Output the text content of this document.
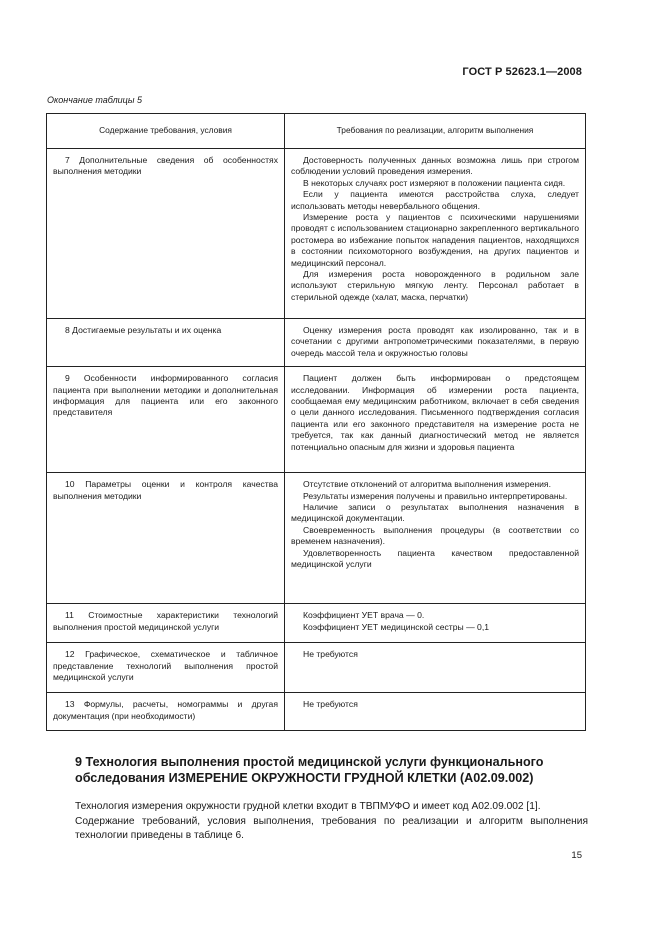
ГОСТ Р 52623.1—2008
Окончание таблицы 5
Содержание требования, условия	Требования по реализации, алгоритм выполнения
7 Дополнительные сведения об особенностях выполнения методики	Достоверность полученных данных возможна лишь при строгом соблюдении условий проведения измерения.

В некоторых случаях рост измеряют в положении пациента сидя.

Если у пациента имеются расстройства слуха, следует использовать методы невербального общения.

Измерение роста у пациентов с психическими нарушениями проводят с использованием стационарно закрепленного вертикального ростомера во избежание попыток нападения пациентов, находящихся в состоянии психомоторного возбуждения, на других пациентов и медицинский персонал.

Для измерения роста новорожденного в родильном зале используют стерильную мягкую ленту. Персонал работает в стерильной одежде (халат, маска, перчатки)

8 Достигаемые результаты и их оценка	Оценку измерения роста проводят как изолированно, так и в сочетании с другими антропометрическими показателями, в первую очередь массой тела и окружностью головы

9 Особенности информированного согласия пациента при выполнении методики и дополнительная информация для пациента или его законного представителя	Пациент должен быть информирован о предстоящем исследовании. Информация об измерении роста пациента, сообщаемая ему медицинским работником, включает в себя сведения о цели данного исследования. Письменного подтверждения согласия пациента или его законного представителя на измерение роста не требуется, так как данный диагностический метод не является потенциально опасным для жизни и здоровья пациента

10 Параметры оценки и контроля качества выполнения методики	Отсутствие отклонений от алгоритма выполнения измерения.

Результаты измерения получены и правильно интерпретированы.

Наличие записи о результатах выполнения назначения в медицинской документации.

Своевременность выполнения процедуры (в соответствии со временем назначения).

Удовлетворенность пациента качеством предоставленной медицинской услуги

11 Стоимостные характеристики технологий выполнения простой медицинской услуги	Коэффициент УЕТ врача — 0.

Коэффициент УЕТ медицинской сестры — 0,1

12 Графическое, схематическое и табличное представление технологий выполнения простой медицинской услуги	Не требуются

13 Формулы, расчеты, номограммы и другая документация (при необходимости)	Не требуются

9 Технология выполнения простой медицинской услуги функционального обследования ИЗМЕРЕНИЕ ОКРУЖНОСТИ ГРУДНОЙ КЛЕТКИ (А02.09.002)

Технология измерения окружности грудной клетки входит в ТВПМУФО и имеет код А02.09.002 [1].

Содержание требований, условия выполнения, требования по реализации и алгоритм выполнения технологии приведены в таблице 6.

15
